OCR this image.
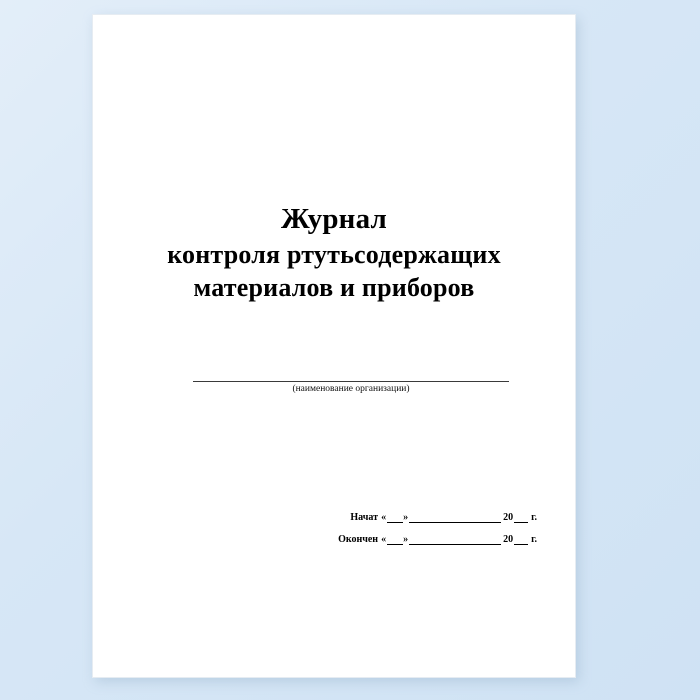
Журнал
контроля ртутьсодержащих
материалов и приборов
(наименование организации)
Начат « »	20 г.
Окончен « »	20 г.
